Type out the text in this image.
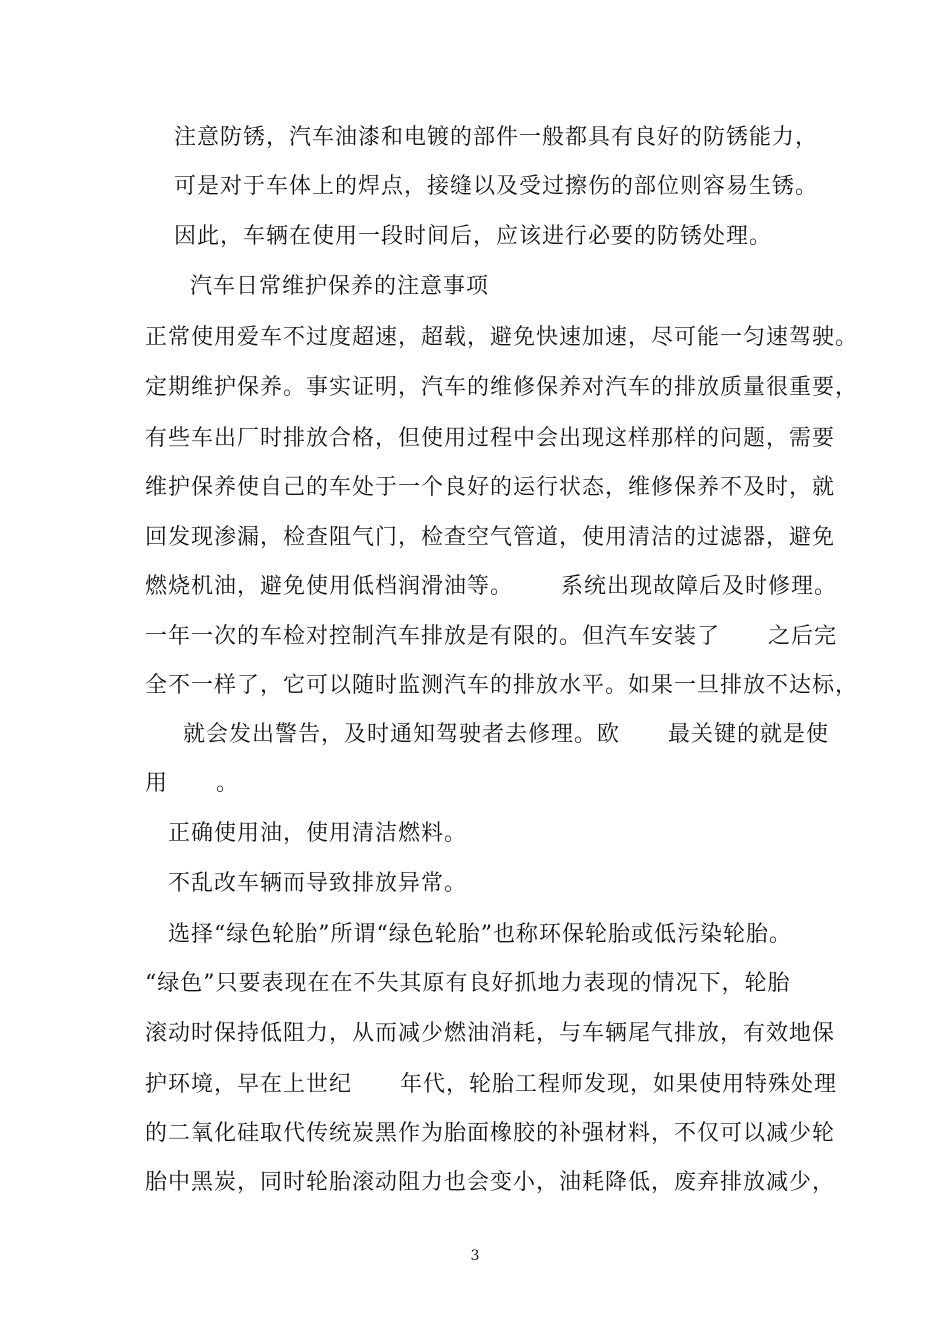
注意防锈，汽车油漆和电镀的部件一般都具有良好的防锈能力，
可是对于车体上的焊点，接缝以及受过擦伤的部位则容易生锈。
因此，车辆在使用一段时间后，应该进行必要的防锈处理。
汽车日常维护保养的注意事项
正常使用爱车不过度超速，超载，避免快速加速，尽可能一匀速驾驶。
定期维护保养。事实证明，汽车的维修保养对汽车的排放质量很重要，
有些车出厂时排放合格，但使用过程中会出现这样那样的问题，需要
维护保养使自己的车处于一个良好的运行状态，维修保养不及时，就
回发现渗漏，检查阻气门，检查空气管道，使用清洁的过滤器，避免
燃烧机油，避免使用低档润滑油等。      系统出现故障后及时修理。
一年一次的车检对控制汽车排放是有限的。但汽车安装了      之后完
全不一样了，它可以随时监测汽车的排放水平。如果一旦排放不达标，
就会发出警告，及时通知驾驶者去修理。欧      最关键的就是使
用      。
正确使用油，使用清洁燃料。
不乱改车辆而导致排放异常。
选择“绿色轮胎”所谓“绿色轮胎”也称环保轮胎或低污染轮胎。
“绿色”只要表现在在不失其原有良好抓地力表现的情况下，轮胎
滚动时保持低阻力，从而减少燃油消耗，与车辆尾气排放，有效地保
护环境，早在上世纪      年代，轮胎工程师发现，如果使用特殊处理
的二氧化硅取代传统炭黑作为胎面橡胶的补强材料，不仅可以减少轮
胎中黑炭，同时轮胎滚动阻力也会变小，油耗降低，废弃排放减少，
3
